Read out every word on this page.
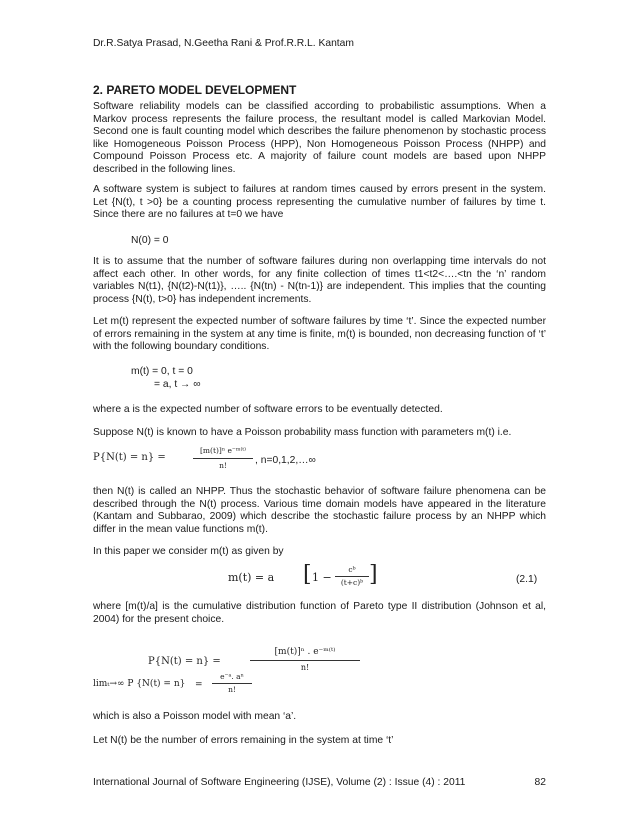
Dr.R.Satya Prasad, N.Geetha Rani & Prof.R.R.L. Kantam
2. PARETO MODEL DEVELOPMENT
Software reliability models can be classified according to probabilistic assumptions. When a Markov process represents the failure process, the resultant model is called Markovian Model. Second one is fault counting model which describes the failure phenomenon by stochastic process like Homogeneous Poisson Process (HPP), Non Homogeneous Poisson Process (NHPP) and Compound Poisson Process etc. A majority of failure count models are based upon NHPP described in the following lines.
A software system is subject to failures at random times caused by errors present in the system. Let {N(t), t >0} be a counting process representing the cumulative number of failures by time t. Since there are no failures at t=0 we have
N(0) = 0
It is to assume that the number of software failures during non overlapping time intervals do not affect each other. In other words, for any finite collection of times t1<t2<….<tn the ‘n’ random variables N(t1), {N(t2)-N(t1)}, ….. {N(tn) - N(tn-1)} are independent. This implies that the counting process {N(t), t>0} has independent increments.
Let m(t) represent the expected number of software failures by time ‘t’. Since the expected number of errors remaining in the system at any time is finite, m(t) is bounded, non decreasing function of ‘t’ with the following boundary conditions.
m(t) = 0, t = 0
= a, t → ∞
where a is the expected number of software errors to be eventually detected.
Suppose N(t) is known to have a Poisson probability mass function with parameters m(t) i.e.
P{N(t) = n} =
[m(t)]ⁿ e⁻ᵐ⁽ᵗ⁾
n!	, n=0,1,2,…∞
then N(t) is called an NHPP. Thus the stochastic behavior of software failure phenomena can be described through the N(t) process. Various time domain models have appeared in the literature (Kantam and Subbarao, 2009) which describe the stochastic failure process by an NHPP which differ in the mean value functions m(t).
In this paper we consider m(t) as given by
m(t) = a [ 1 −
cᵇ
(t+c)ᵇ ]	(2.1)
where [m(t)/a] is the cumulative distribution function of Pareto type II distribution (Johnson et al, 2004) for the present choice.
P{N(t) = n} =
[m(t)]ⁿ . e⁻ᵐ⁽ᵗ⁾
n!
limₜ→∞ P {N(t) = n} =
e⁻ᵃ. aⁿ
n!
which is also a Poisson model with mean ‘a’.
Let N(t) be the number of errors remaining in the system at time ‘t’
International Journal of Software Engineering (IJSE), Volume (2) : Issue (4) : 2011	82
